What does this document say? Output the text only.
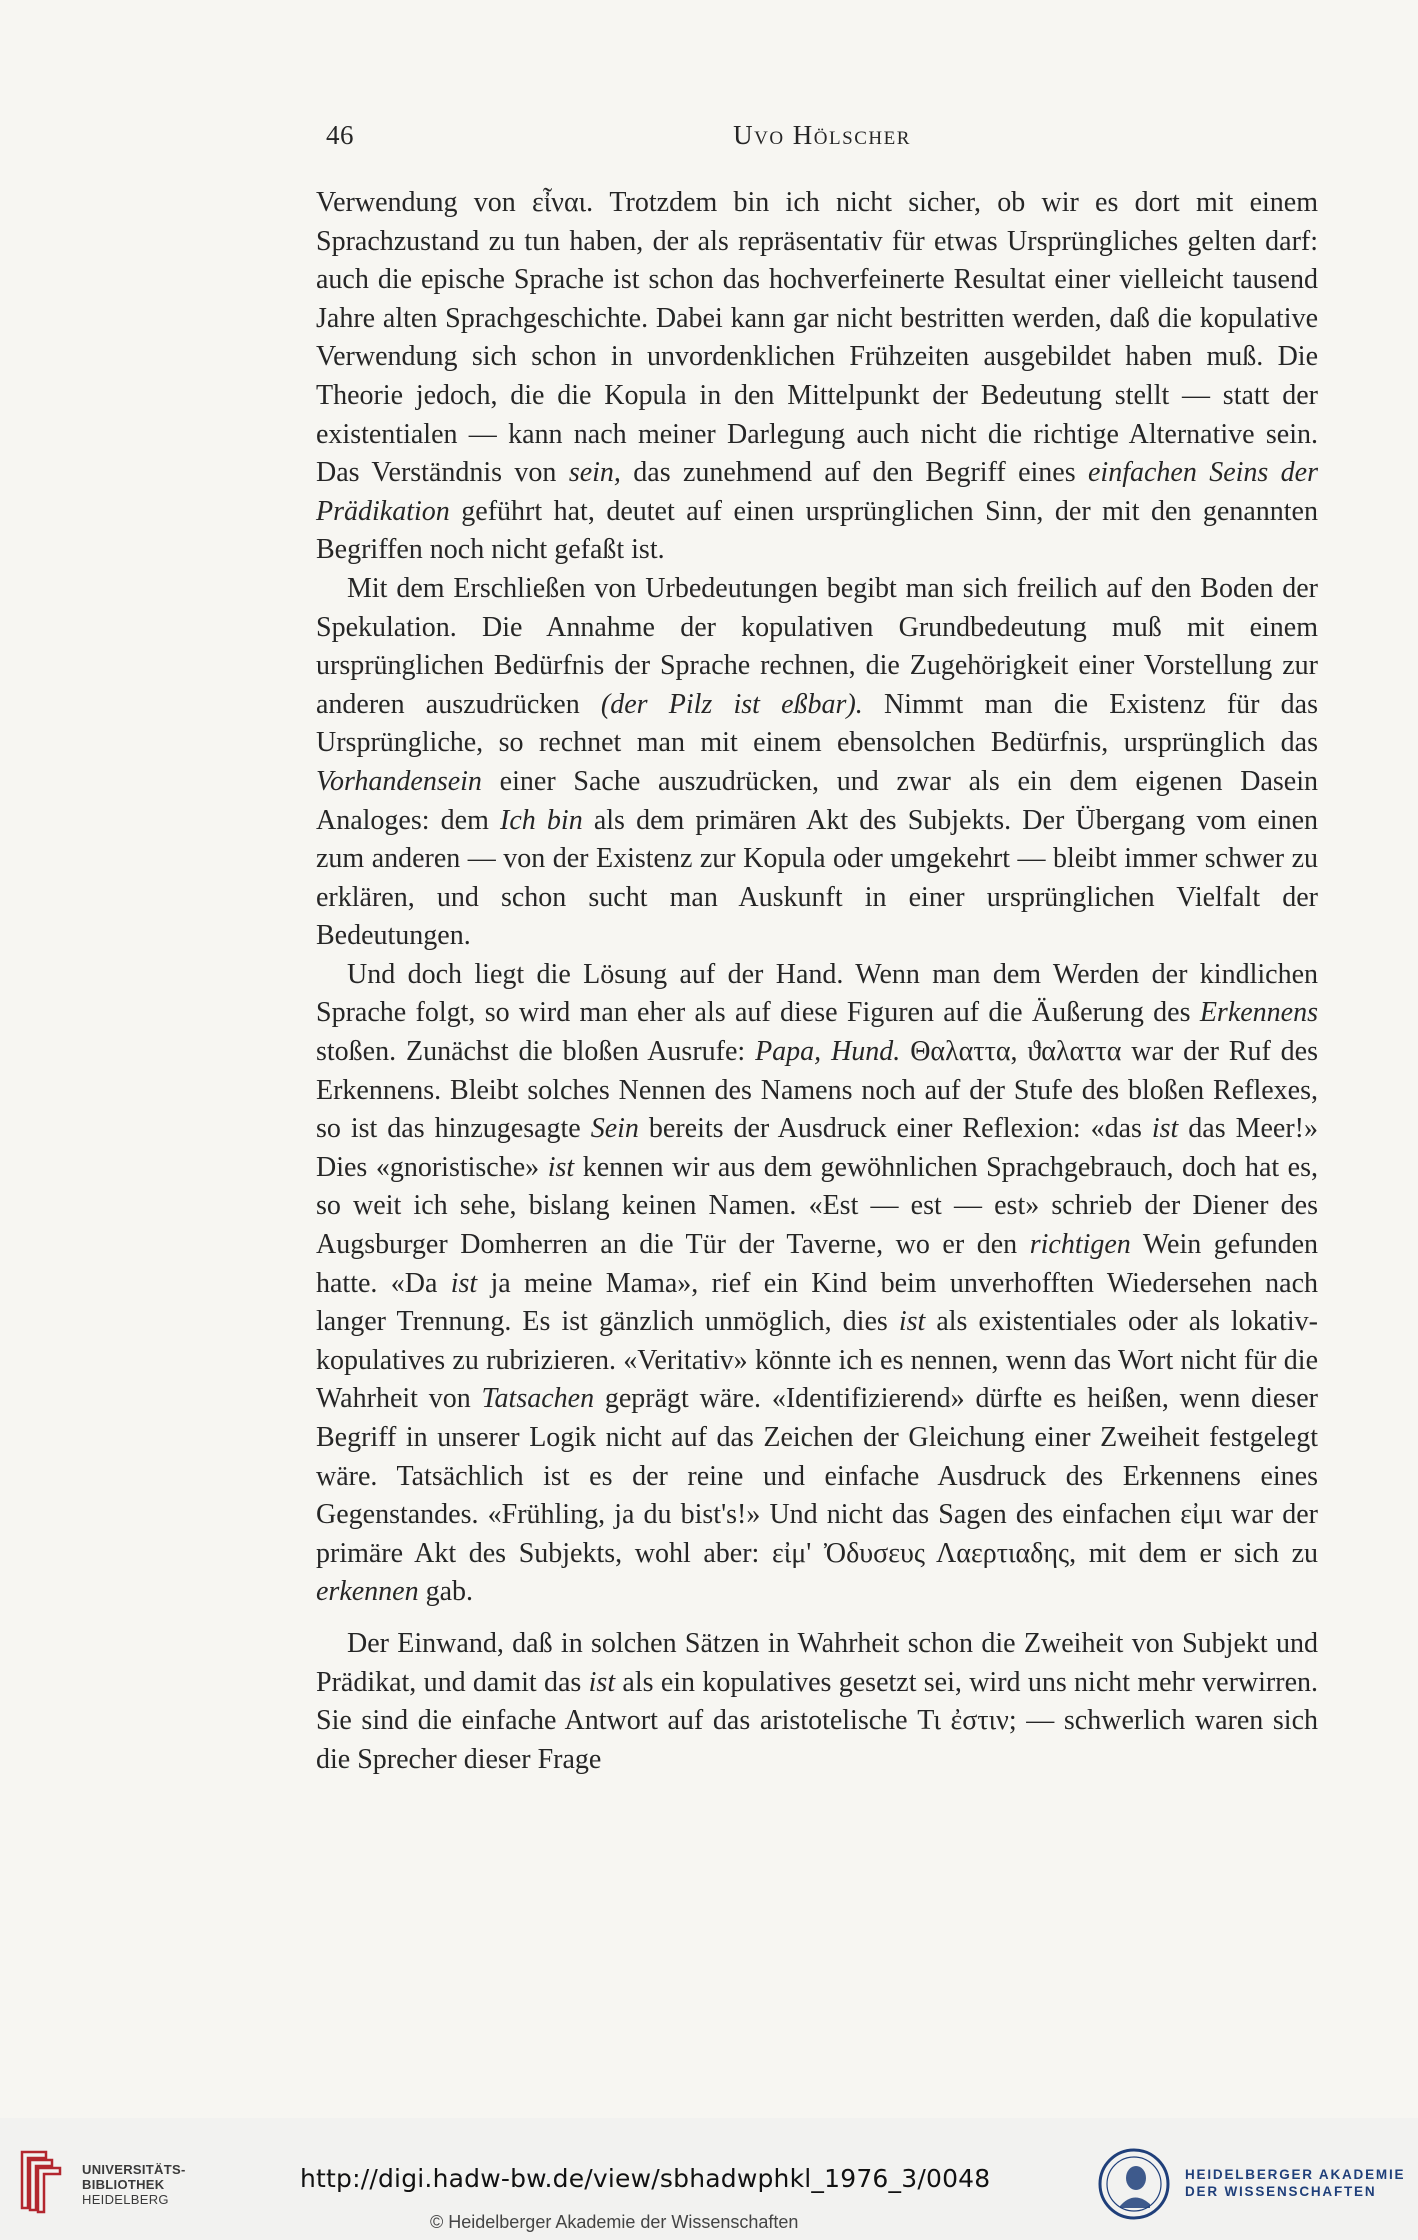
46	Uvo Hölscher

Verwendung von εἶναι. Trotzdem bin ich nicht sicher, ob wir es dort mit einem Sprachzustand zu tun haben, der als repräsentativ für etwas Ursprüngliches gelten darf: auch die epische Sprache ist schon das hochverfeinerte Resultat einer vielleicht tausend Jahre alten Sprachgeschichte. Dabei kann gar nicht bestritten werden, daß die kopulative Verwendung sich schon in unvordenklichen Frühzeiten ausgebildet haben muß. Die Theorie jedoch, die die Kopula in den Mittelpunkt der Bedeutung stellt — statt der existentialen — kann nach meiner Darlegung auch nicht die richtige Alternative sein. Das Verständnis von sein, das zunehmend auf den Begriff eines einfachen Seins der Prädikation geführt hat, deutet auf einen ursprünglichen Sinn, der mit den genannten Begriffen noch nicht gefaßt ist.

Mit dem Erschließen von Urbedeutungen begibt man sich freilich auf den Boden der Spekulation. Die Annahme der kopulativen Grundbedeutung muß mit einem ursprünglichen Bedürfnis der Sprache rechnen, die Zugehörigkeit einer Vorstellung zur anderen auszudrücken (der Pilz ist eßbar). Nimmt man die Existenz für das Ursprüngliche, so rechnet man mit einem ebensolchen Bedürfnis, ursprünglich das Vorhandensein einer Sache auszudrücken, und zwar als ein dem eigenen Dasein Analoges: dem Ich bin als dem primären Akt des Subjekts. Der Übergang vom einen zum anderen — von der Existenz zur Kopula oder umgekehrt — bleibt immer schwer zu erklären, und schon sucht man Auskunft in einer ursprünglichen Vielfalt der Bedeutungen.

Und doch liegt die Lösung auf der Hand. Wenn man dem Werden der kindlichen Sprache folgt, so wird man eher als auf diese Figuren auf die Äußerung des Erkennens stoßen. Zunächst die bloßen Ausrufe: Papa, Hund. Θαλαττα, ϑαλαττα war der Ruf des Erkennens. Bleibt solches Nennen des Namens noch auf der Stufe des bloßen Reflexes, so ist das hinzugesagte Sein bereits der Ausdruck einer Reflexion: «das ist das Meer!» Dies «gnoristische» ist kennen wir aus dem gewöhnlichen Sprachgebrauch, doch hat es, so weit ich sehe, bislang keinen Namen. «Est — est — est» schrieb der Diener des Augsburger Domherren an die Tür der Taverne, wo er den richtigen Wein gefunden hatte. «Da ist ja meine Mama», rief ein Kind beim unverhofften Wiedersehen nach langer Trennung. Es ist gänzlich unmöglich, dies ist als existentiales oder als lokativ-kopulatives zu rubrizieren. «Veritativ» könnte ich es nennen, wenn das Wort nicht für die Wahrheit von Tatsachen geprägt wäre. «Identifizierend» dürfte es heißen, wenn dieser Begriff in unserer Logik nicht auf das Zeichen der Gleichung einer Zweiheit festgelegt wäre. Tatsächlich ist es der reine und einfache Ausdruck des Erkennens eines Gegenstandes. «Frühling, ja du bist's!» Und nicht das Sagen des einfachen εἰμι war der primäre Akt des Subjekts, wohl aber: εἰμ' Ὀδυσευς Λαερτιαδης, mit dem er sich zu erkennen gab.

Der Einwand, daß in solchen Sätzen in Wahrheit schon die Zweiheit von Subjekt und Prädikat, und damit das ist als ein kopulatives gesetzt sei, wird uns nicht mehr verwirren. Sie sind die einfache Antwort auf das aristotelische Τι ἐστιν; — schwerlich waren sich die Sprecher dieser Frage

UNIVERSITÄTS-
BIBLIOTHEK
HEIDELBERG
http://digi.hadw-bw.de/view/sbhadwphkl_1976_3/0048
© Heidelberger Akademie der Wissenschaften
HEIDELBERGER AKADEMIE
DER WISSENSCHAFTEN
